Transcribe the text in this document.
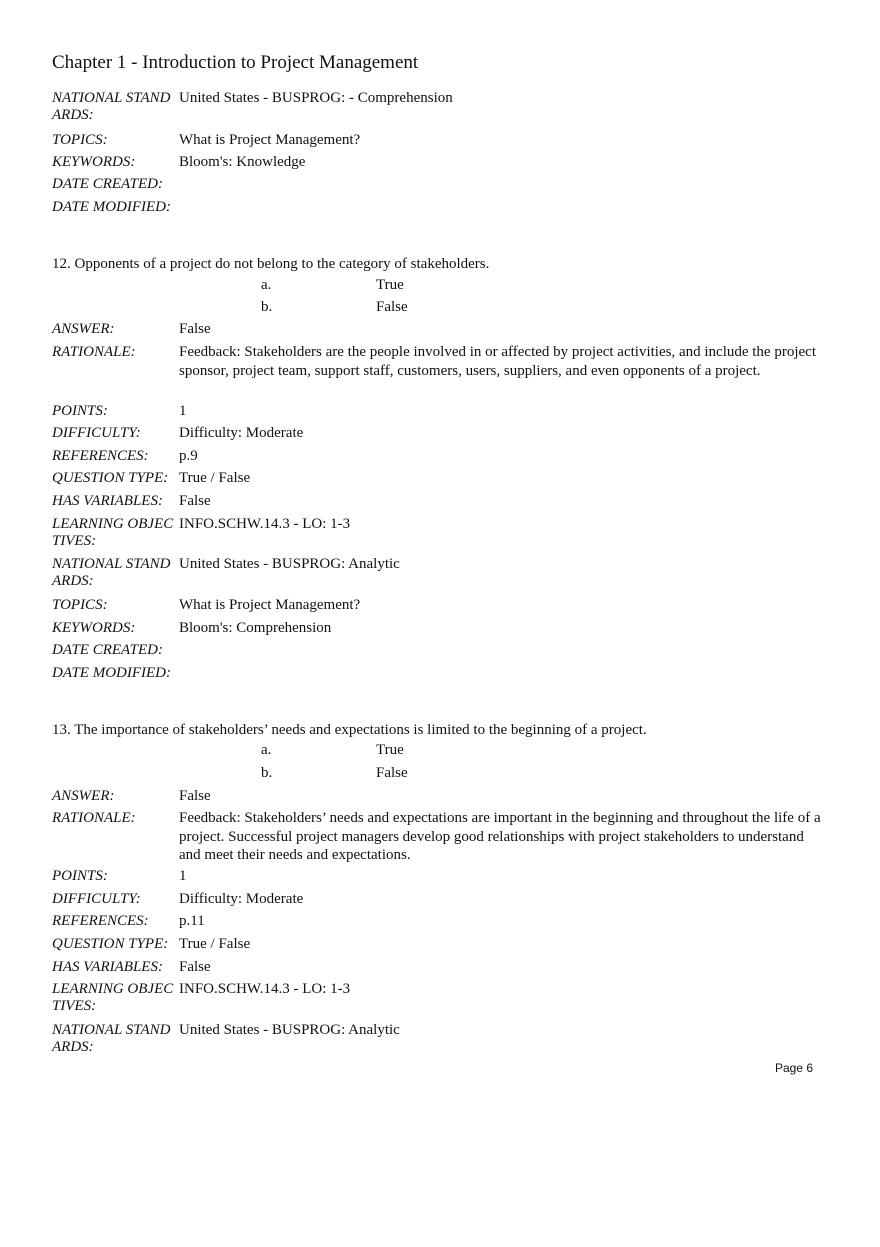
Chapter 1 - Introduction to Project Management
NATIONAL STANDARDS:
United States - BUSPROG: - Comprehension
TOPICS:	What is Project Management?
KEYWORDS:	Bloom's: Knowledge
DATE CREATED:
DATE MODIFIED:
12. Opponents of a project do not belong to the category of stakeholders.
a.	True
b.	False
ANSWER:	False
RATIONALE:	Feedback: Stakeholders are the people involved in or affected by project activities, and include the project sponsor, project team, support staff, customers, users, suppliers, and even opponents of a project.
POINTS:	1
DIFFICULTY:	Difficulty: Moderate
REFERENCES: p.9
QUESTION TYPE: True / False
HAS VARIABLES: False
LEARNING OBJECTIVES:
INFO.SCHW.14.3 - LO: 1-3
NATIONAL STANDARDS:
United States - BUSPROG: Analytic
TOPICS:	What is Project Management?
KEYWORDS:	Bloom's: Comprehension
DATE CREATED:
DATE MODIFIED:
13. The importance of stakeholders’ needs and expectations is limited to the beginning of a project.
a.	True
b.	False
ANSWER:	False
RATIONALE:	Feedback: Stakeholders’ needs and expectations are important in the beginning and throughout the life of a project. Successful project managers develop good relationships with project stakeholders to understand and meet their needs and expectations.
POINTS:	1
DIFFICULTY:	Difficulty: Moderate
REFERENCES: p.11
QUESTION TYPE: True / False
HAS VARIABLES: False
LEARNING OBJECTIVES:
INFO.SCHW.14.3 - LO: 1-3
NATIONAL STANDARDS:
United States - BUSPROG: Analytic
Page 6
